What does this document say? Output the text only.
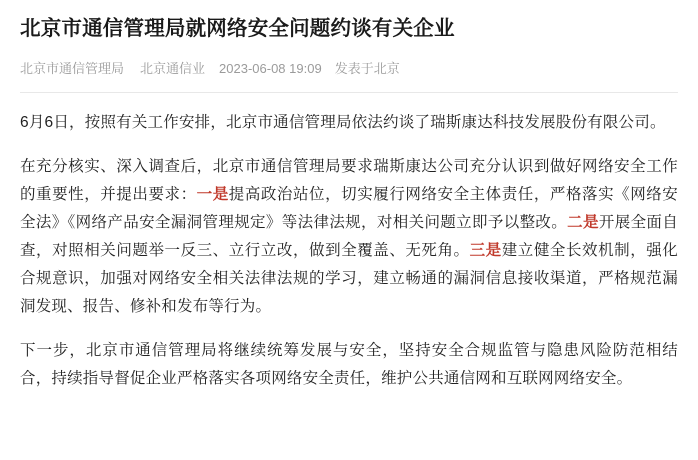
北京市通信管理局就网络安全问题约谈有关企业
北京市通信管理局 北京通信业 2023-06-08 19:09 发表于北京

6月6日，按照有关工作安排，北京市通信管理局依法约谈了瑞斯康达科技发展股份有限公司。

在充分核实、深入调查后，北京市通信管理局要求瑞斯康达公司充分认识到做好网络安全工作的重要性，并提出要求：一是提高政治站位，切实履行网络安全主体责任，严格落实《网络安全法》《网络产品安全漏洞管理规定》等法律法规，对相关问题立即予以整改。二是开展全面自查，对照相关问题举一反三、立行立改，做到全覆盖、无死角。三是建立健全长效机制，强化合规意识，加强对网络安全相关法律法规的学习，建立畅通的漏洞信息接收渠道，严格规范漏洞发现、报告、修补和发布等行为。

下一步，北京市通信管理局将继续统筹发展与安全，坚持安全合规监管与隐患风险防范相结合，持续指导督促企业严格落实各项网络安全责任，维护公共通信网和互联网网络安全。
